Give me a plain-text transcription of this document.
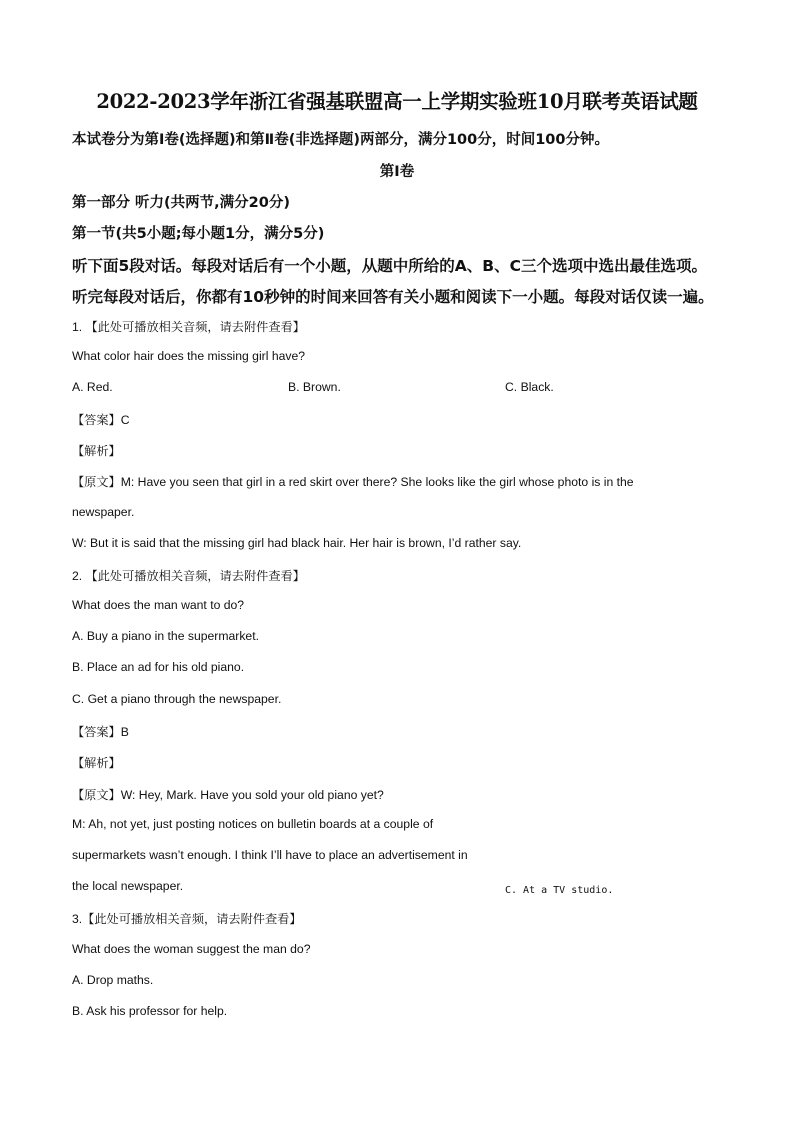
2022-2023学年浙江省强基联盟高一上学期实验班10月联考英语试题
本试卷分为第Ⅰ卷(选择题)和第Ⅱ卷(非选择题)两部分，满分100分，时间100分钟。
第Ⅰ卷
第一部分 听力(共两节,满分20分)
第一节(共5小题;每小题1分，满分5分)
听下面5段对话。每段对话后有一个小题，从题中所给的A、B、C三个选项中选出最佳选项。
听完每段对话后，你都有10秒钟的时间来回答有关小题和阅读下一小题。每段对话仅读一遍。
1. 【此处可播放相关音频，请去附件查看】
What color hair does the missing girl have?
A. Red.	B. Brown.	C. Black.
【答案】C
【解析】
【原文】M: Have you seen that girl in a red skirt over there? She looks like the girl whose photo is in the
newspaper.
W: But it is said that the missing girl had black hair. Her hair is brown, I’d rather say.
2. 【此处可播放相关音频，请去附件查看】
What does the man want to do?
A. Buy a piano in the supermarket.
B. Place an ad for his old piano.
C. Get a piano through the newspaper.
【答案】B
【解析】
【原文】W: Hey, Mark. Have you sold your old piano yet?
M: Ah, not yet, just posting notices on bulletin boards at a couple of
supermarkets wasn’t enough. I think I’ll have to place an advertisement in
the local newspaper.	C. At a TV studio.
3.【此处可播放相关音频，请去附件查看】
What does the woman suggest the man do?
A. Drop maths.
B. Ask his professor for help.
